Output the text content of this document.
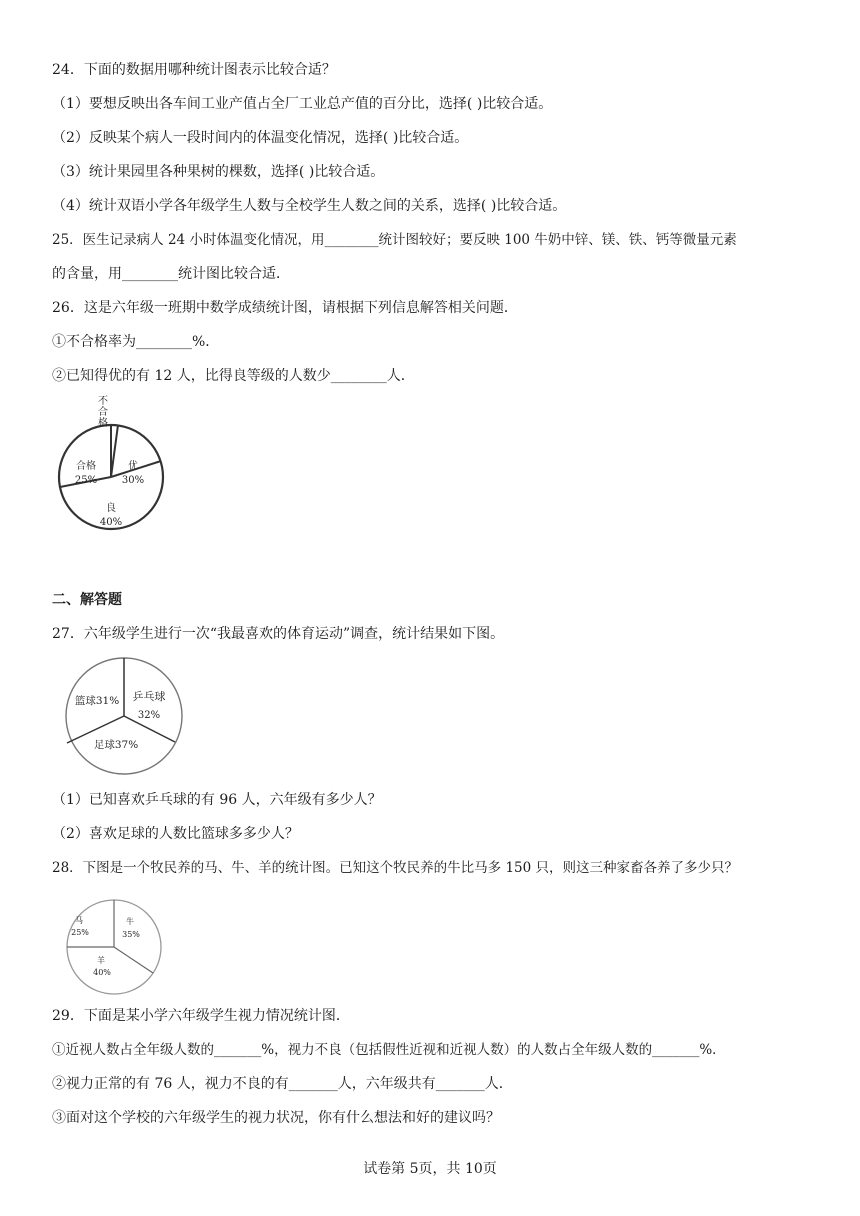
24．下面的数据用哪种统计图表示比较合适？
（1）要想反映出各车间工业产值占全厂工业总产值的百分比，选择( )比较合适。
（2）反映某个病人一段时间内的体温变化情况，选择( )比较合适。
（3）统计果园里各种果树的棵数，选择( )比较合适。
（4）统计双语小学各年级学生人数与全校学生人数之间的关系，选择( )比较合适。
25．医生记录病人 24 小时体温变化情况，用________统计图较好；要反映 100 牛奶中锌、镁、铁、钙等微量元素
的含量，用________统计图比较合适．
26．这是六年级一班期中数学成绩统计图，请根据下列信息解答相关问题．
①不合格率为________%．
②已知得优的有 12 人，比得良等级的人数少________人．
不
合
格
优
30%
合格
25%
良
40%
二、解答题
27．六年级学生进行一次“我最喜欢的体育运动”调查，统计结果如下图。
乒乓球
32%
篮球31%
足球37%
（1）已知喜欢乒乓球的有 96 人，六年级有多少人？
（2）喜欢足球的人数比篮球多多少人？
28．下图是一个牧民养的马、牛、羊的统计图。已知这个牧民养的牛比马多 150 只，则这三种家畜各养了多少只？
牛
35%
马
25%
羊
40%
29．下面是某小学六年级学生视力情况统计图．
①近视人数占全年级人数的_______%，视力不良（包括假性近视和近视人数）的人数占全年级人数的_______%．
②视力正常的有 76 人，视力不良的有_______人，六年级共有_______人．
③面对这个学校的六年级学生的视力状况，你有什么想法和好的建议吗？
试卷第 5页，共 10页
